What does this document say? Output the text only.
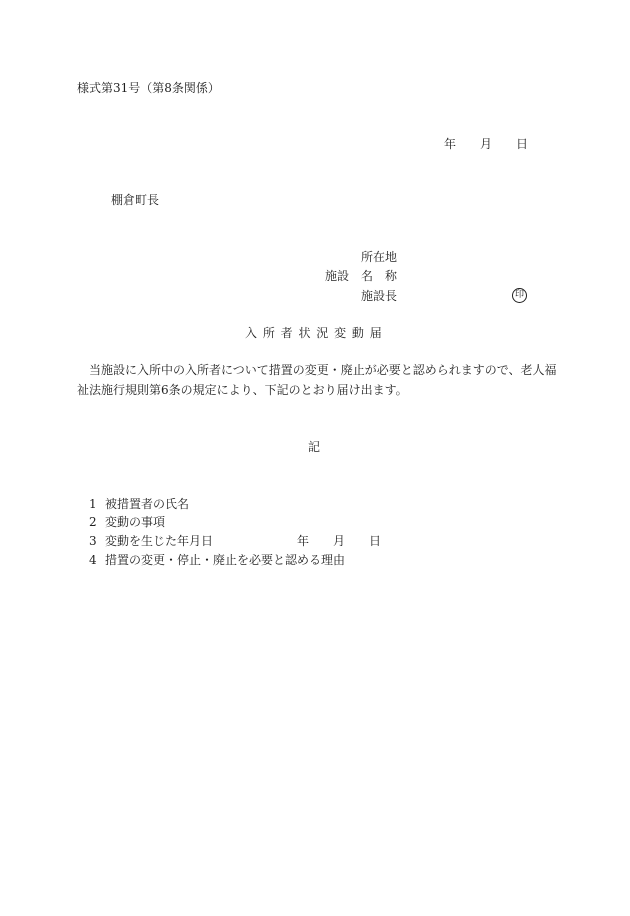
様式第31号（第8条関係）
年　　月　　日
棚倉町長
所在地
施設 名　称
施設長	印
入 所 者 状 況 変 動 届
　当施設に入所中の入所者について措置の変更・廃止が必要と認められますので、老人福
祉法施行規則第6条の規定により、下記のとおり届け出ます。
記
1 被措置者の氏名
2 変動の事項
3 変動を生じた年月日	年　　月　　日
4 措置の変更・停止・廃止を必要と認める理由
